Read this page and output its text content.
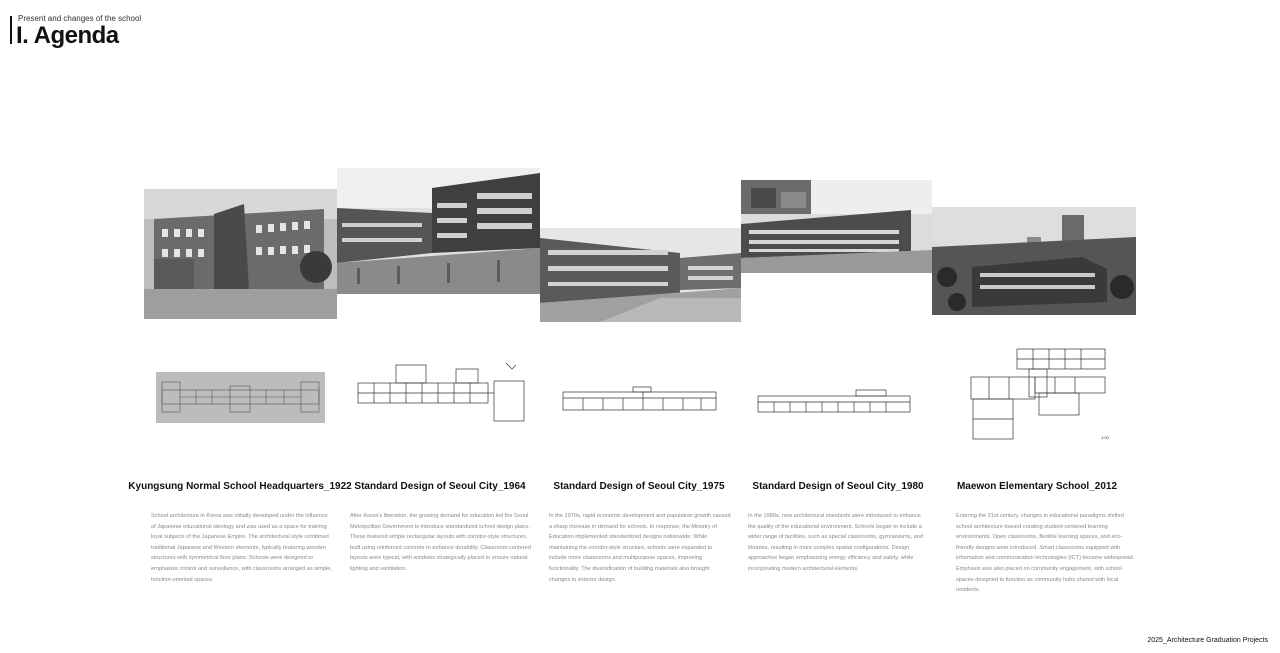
Present and changes of the school
I. Agenda
1:00
Kyungsung Normal School Headquarters_1922 Standard Design of Seoul City_1964	Standard Design of Seoul City_1975	Standard Design of Seoul City_1980	Maewon Elementary School_2012
School architecture in Korea was initially developed under the influence of Japanese educational ideology and was used as a space for training loyal subjects of the Japanese Empire. The architectural style combined traditional Japanese and Western elements, typically featuring wooden structures with symmetrical floor plans. Schools were designed to emphasize control and surveillance, with classrooms arranged as simple, function-oriented spaces.
After Korea's liberation, the growing demand for education led the Seoul Metropolitan Government to introduce standardized school design plans. These featured simple rectangular layouts with corridor-style structures, built using reinforced concrete to enhance durability. Classroom-centered layouts were typical, with windows strategically placed to ensure natural lighting and ventilation.
In the 1970s, rapid economic development and population growth caused a sharp increase in demand for schools. In response, the Ministry of Education implemented standardized designs nationwide. While maintaining the corridor-style structure, schools were expanded to include more classrooms and multipurpose spaces, improving functionality. The diversification of building materials also brought changes to exterior design.
In the 1980s, new architectural standards were introduced to enhance the quality of the educational environment. Schools began to include a wider range of facilities, such as special classrooms, gymnasiums, and libraries, resulting in more complex spatial configurations. Design approaches began emphasizing energy efficiency and safety, while incorporating modern architectural elements.
Entering the 21st century, changes in educational paradigms shifted school architecture toward creating student-centered learning environments. Open classrooms, flexible learning spaces, and eco-friendly designs were introduced. Smart classrooms equipped with information and communication technologies (ICT) became widespread. Emphasis was also placed on community engagement, with school spaces designed to function as community hubs shared with local residents.
2025_Architecture Graduation Projects
